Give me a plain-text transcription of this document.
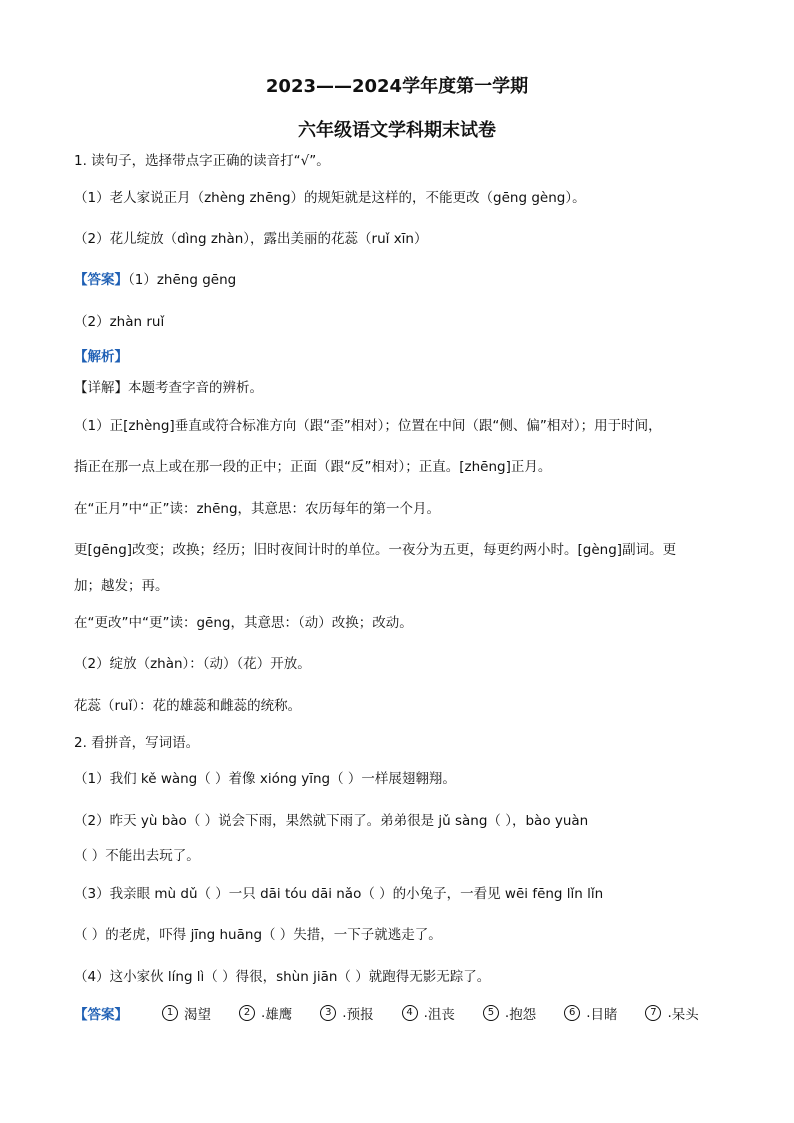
2023——2024学年度第一学期
六年级语文学科期末试卷
1. 读句子，选择带点字正确的读音打“√”。
（1）老人家说正月（zhèng zhēng）的规矩就是这样的，不能更改（gēng gèng）。
（2）花儿绽放（dìng zhàn），露出美丽的花蕊（ruǐ xīn）
【答案】（1）zhēng gēng
（2）zhàn ruǐ
【解析】
【详解】本题考查字音的辨析。
（1）正[zhèng]垂直或符合标准方向（跟“歪”相对）；位置在中间（跟“侧、偏”相对）；用于时间，
指正在那一点上或在那一段的正中；正面（跟“反”相对）；正直。[zhēng]正月。
在“正月”中“正”读：zhēng，其意思：农历每年的第一个月。
更[gēng]改变；改换；经历；旧时夜间计时的单位。一夜分为五更，每更约两小时。[gèng]副词。更
加；越发；再。
在“更改”中“更”读：gēng，其意思：（动）改换；改动。
（2）绽放（zhàn）：（动）（花）开放。
花蕊（ruǐ）：花的雄蕊和雌蕊的统称。
2. 看拼音，写词语。
（1）我们 kě wàng（ ）着像 xióng yīng（ ）一样展翅翱翔。
（2）昨天 yù bào（ ）说会下雨，果然就下雨了。弟弟很是 jǔ sàng（ ），bào yuàn
（ ）不能出去玩了。
（3）我亲眼 mù dǔ（ ）一只 dāi tóu dāi nǎo（ ）的小兔子，一看见 wēi fēng lǐn lǐn
（ ）的老虎，吓得 jīng huāng（ ）失措，一下子就逃走了。
（4）这小家伙 líng lì（ ）得很，shùn jiān（ ）就跑得无影无踪了。
【答案】	1 渴望	2 . 雄鹰	3 . 预报	4 . 沮丧	5 . 抱怨	6 . 目睹	7 . 呆头
